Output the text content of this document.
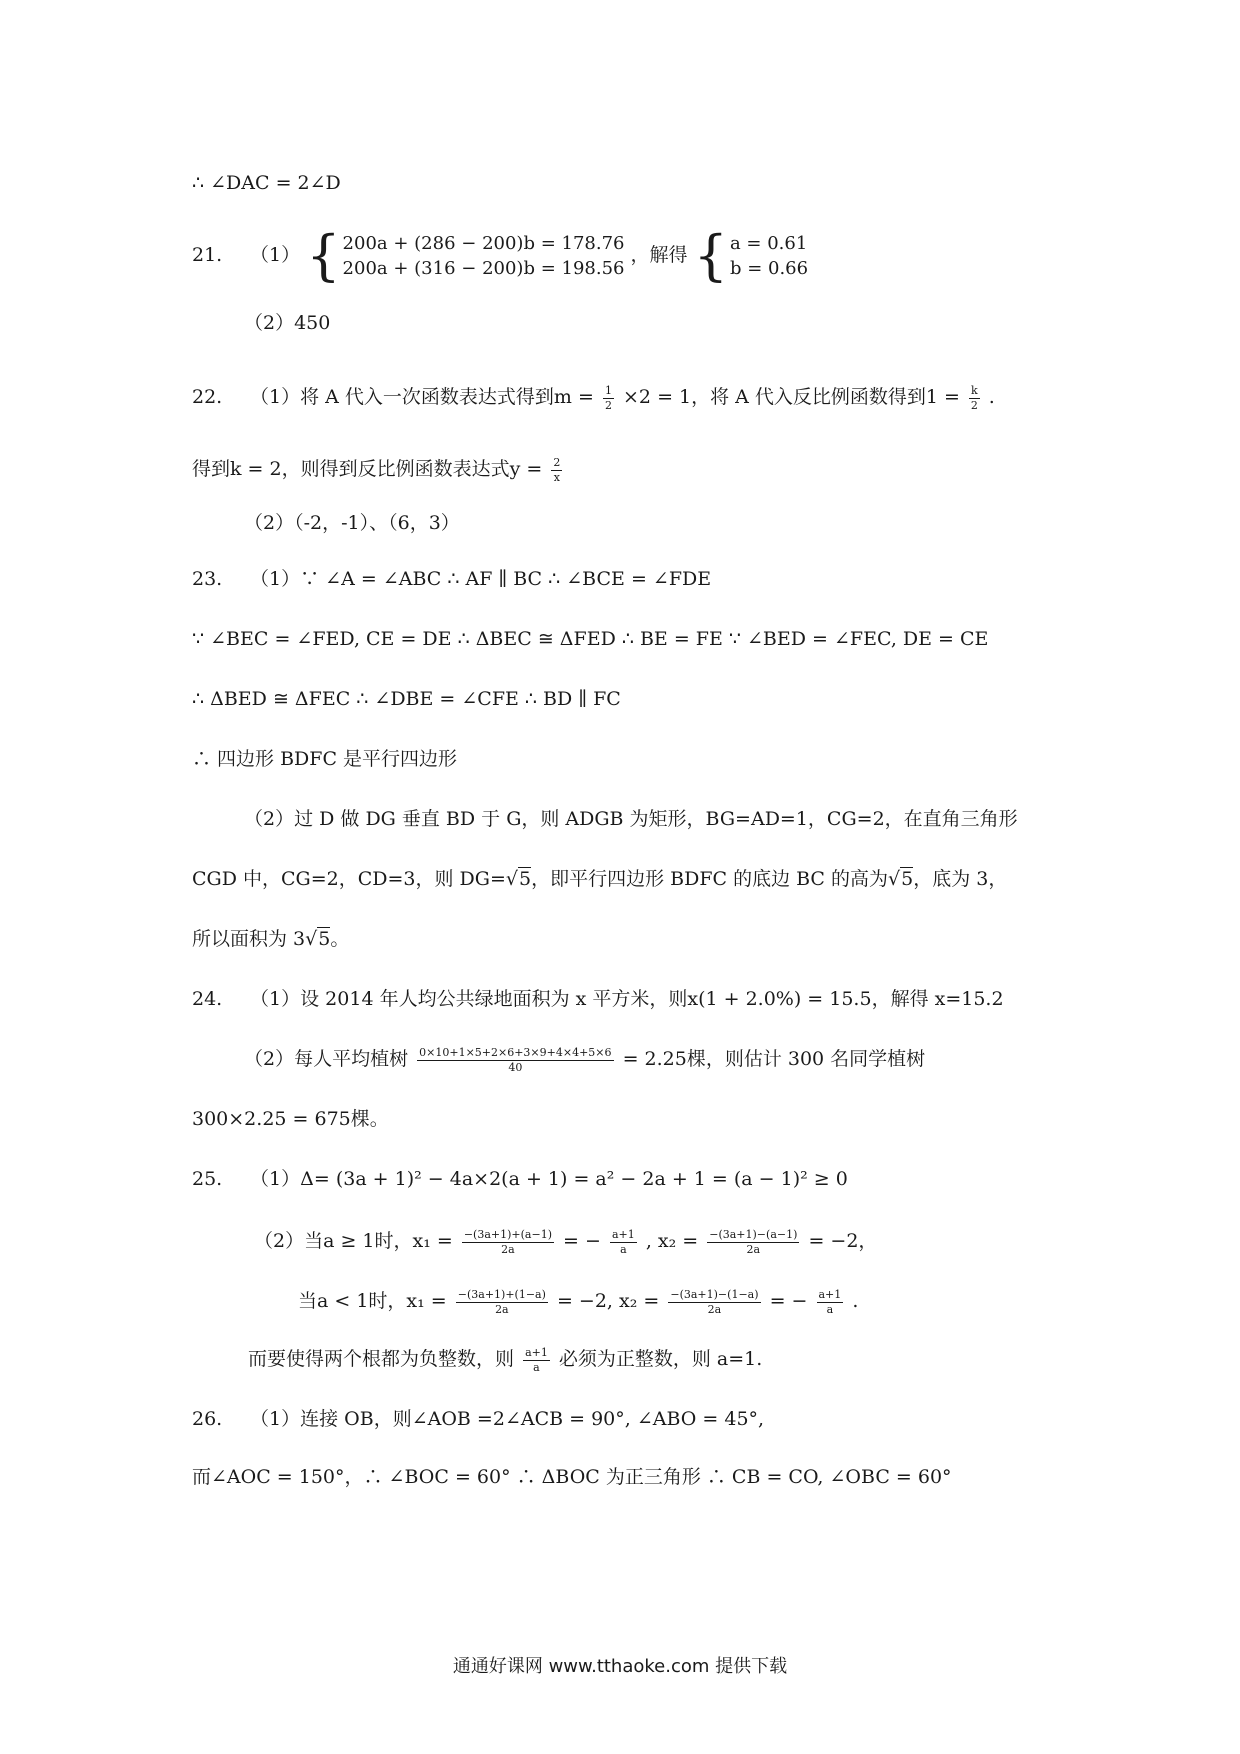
∴ ∠DAC = 2∠D
21. （1） { 200a + (286 − 200)b = 178.76
200a + (316 − 200)b = 198.56
，解得 { a = 0.61
b = 0.66
（2）450
22. （1）将 A 代入一次函数表达式得到$m = \frac{1}{2} \times 2 = 1$，将 A 代入反比例函数得到$1 = \frac{k}{2}$ .
得到k = 2，则得到反比例函数表达式$y = \frac{2}{x}$
（2）（-2，-1）、（6，3）
23. （1）∵ ∠A = ∠ABC ∴ AF ∥ BC ∴ ∠BCE = ∠FDE
∵ ∠BEC = ∠FED, CE = DE ∴ ΔBEC ≅ ΔFED ∴ BE = FE ∵ ∠BED = ∠FEC, DE = CE
∴ ΔBED ≅ ΔFEC ∴ ∠DBE = ∠CFE ∴ BD ∥ FC
∴ 四边形 BDFC 是平行四边形
（2）过 D 做 DG 垂直 BD 于 G，则 ADGB 为矩形，BG=AD=1，CG=2，在直角三角形
CGD 中，CG=2，CD=3，则 DG=√5，即平行四边形 BDFC 的底边 BC 的高为√5，底为 3，
所以面积为 3√5。
24. （1）设 2014 年人均公共绿地面积为 x 平方米，则x(1 + 2.0%) = 15.5，解得 x=15.2
（2）每人平均植树 $\frac{0\times 10+1\times 5+2\times 6+3\times 9+4\times 4+5\times 6}{40} = 2.25$棵，则估计 300 名同学植树
300×2.25 = 675棵。
25. （1）Δ= (3a + 1)² − 4a×2(a + 1) = a² − 2a + 1 = (a − 1)² ≥ 0
（2）当a ≥ 1时，$x_1 = \frac{-(3a+1)+(a-1)}{2a}$ = − $\frac{a+1}{a}$ , $x_2 = \frac{-(3a+1)-(a-1)}{2a} = -2$，
当a < 1时，$x_1 = \frac{-(3a+1)+(1-a)}{2a} = -2$, $x_2 = \frac{-(3a+1)-(1-a)}{2a}$ = − $\frac{a+1}{a}$ .
而要使得两个根都为负整数，则 $\frac{a+1}{a}$ 必须为正整数，则 a=1.
26. （1）连接 OB，则∠AOB =2∠ACB = 90°, ∠ABO = 45°,
而∠AOC = 150°，∴ ∠BOC = 60° ∴ ΔBOC 为正三角形 ∴ CB = CO, ∠OBC = 60°
通通好课网 www.tthaoke.com 提供下载
